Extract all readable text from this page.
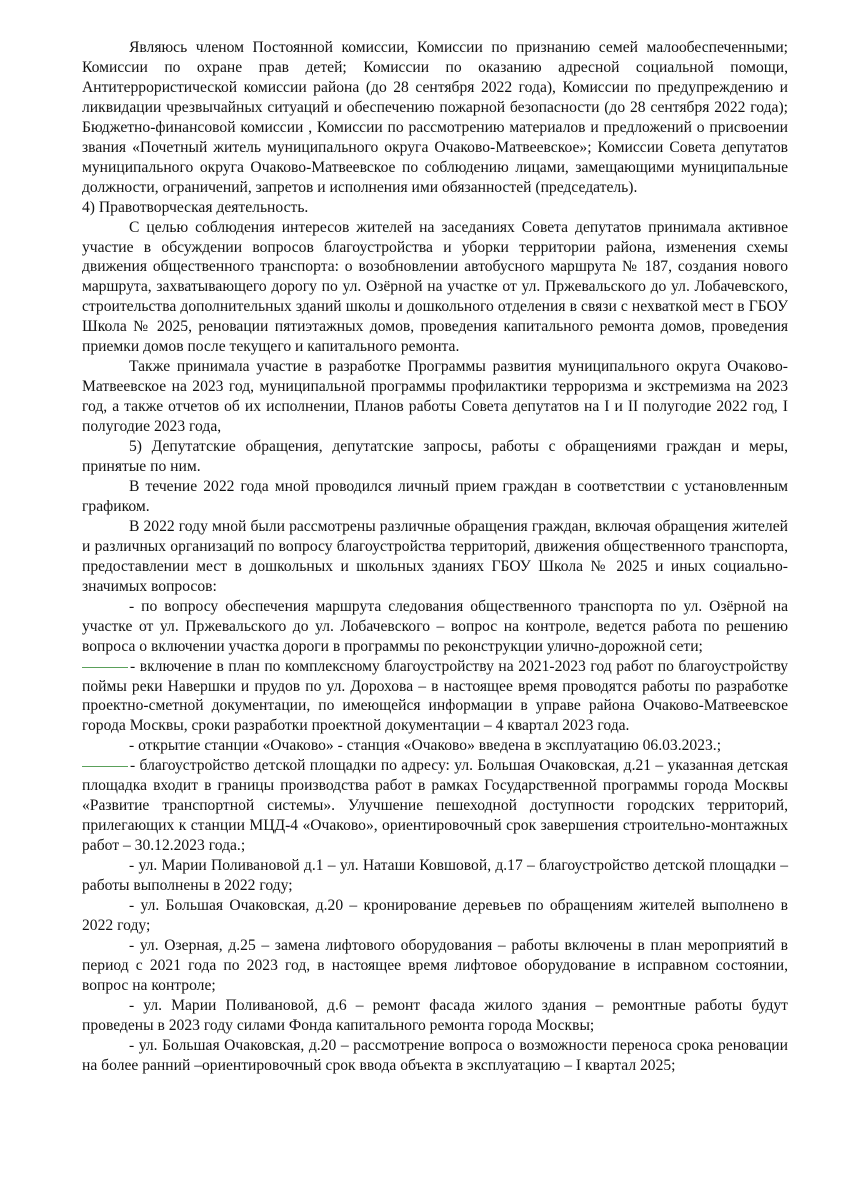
Являюсь членом Постоянной комиссии, Комиссии по признанию семей малообеспеченными; Комиссии по охране прав детей; Комиссии по оказанию адресной социальной помощи, Антитеррористической комиссии района (до 28 сентября 2022 года), Комиссии по предупреждению и ликвидации чрезвычайных ситуаций и обеспечению пожарной безопасности (до 28 сентября 2022 года); Бюджетно-финансовой комиссии , Комиссии по рассмотрению материалов и предложений о присвоении звания «Почетный житель муниципального округа Очаково-Матвеевское»; Комиссии Совета депутатов муниципального округа Очаково-Матвеевское по соблюдению лицами, замещающими муниципальные должности, ограничений, запретов и исполнения ими обязанностей (председатель).

4) Правотворческая деятельность.

С целью соблюдения интересов жителей на заседаниях Совета депутатов принимала активное участие в обсуждении вопросов благоустройства и уборки территории района, изменения схемы движения общественного транспорта: о возобновлении автобусного маршрута № 187, создания нового маршрута, захватывающего дорогу по ул. Озёрной на участке от ул. Пржевальского до ул. Лобачевского, строительства дополнительных зданий школы и дошкольного отделения в связи с нехваткой мест в ГБОУ Школа № 2025, реновации пятиэтажных домов, проведения капитального ремонта домов, проведения приемки домов после текущего и капитального ремонта.

Также принимала участие в разработке Программы развития муниципального округа Очаково-Матвеевское на 2023 год, муниципальной программы профилактики терроризма и экстремизма на 2023 год, а также отчетов об их исполнении, Планов работы Совета депутатов на I и II полугодие 2022 год, I полугодие 2023 года,

5) Депутатские обращения, депутатские запросы, работы с обращениями граждан и меры, принятые по ним.

В течение 2022 года мной проводился личный прием граждан в соответствии с установленным графиком.

В 2022 году мной были рассмотрены различные обращения граждан, включая обращения жителей и различных организаций по вопросу благоустройства территорий, движения общественного транспорта, предоставлении мест в дошкольных и школьных зданиях ГБОУ Школа № 2025 и иных социально-значимых вопросов:

- по вопросу обеспечения маршрута следования общественного транспорта по ул. Озёрной на участке от ул. Пржевальского до ул. Лобачевского – вопрос на контроле, ведется работа по решению вопроса о включении участка дороги в программы по реконструкции улично-дорожной сети;

- включение в план по комплексному благоустройству на 2021-2023 год работ по благоустройству поймы реки Навершки и прудов по ул. Дорохова – в настоящее время проводятся работы по разработке проектно-сметной документации, по имеющейся информации в управе района Очаково-Матвеевское города Москвы, сроки разработки проектной документации – 4 квартал 2023 года.

- открытие станции «Очаково» - станция «Очаково» введена в эксплуатацию 06.03.2023.;

- благоустройство детской площадки по адресу: ул. Большая Очаковская, д.21 – указанная детская площадка входит в границы производства работ в рамках Государственной программы города Москвы «Развитие транспортной системы». Улучшение пешеходной доступности городских территорий, прилегающих к станции МЦД-4 «Очаково», ориентировочный срок завершения строительно-монтажных работ – 30.12.2023 года.;

- ул. Марии Поливановой д.1 – ул. Наташи Ковшовой, д.17 – благоустройство детской площадки – работы выполнены в 2022 году;

- ул. Большая Очаковская, д.20 – кронирование деревьев по обращениям жителей выполнено в 2022 году;

- ул. Озерная, д.25 – замена лифтового оборудования – работы включены в план мероприятий в период с 2021 года по 2023 год, в настоящее время лифтовое оборудование в исправном состоянии, вопрос на контроле;

- ул. Марии Поливановой, д.6 – ремонт фасада жилого здания – ремонтные работы будут проведены в 2023 году силами Фонда капитального ремонта города Москвы;

- ул. Большая Очаковская, д.20 – рассмотрение вопроса о возможности переноса срока реновации на более ранний –ориентировочный срок ввода объекта в эксплуатацию – I квартал 2025;
